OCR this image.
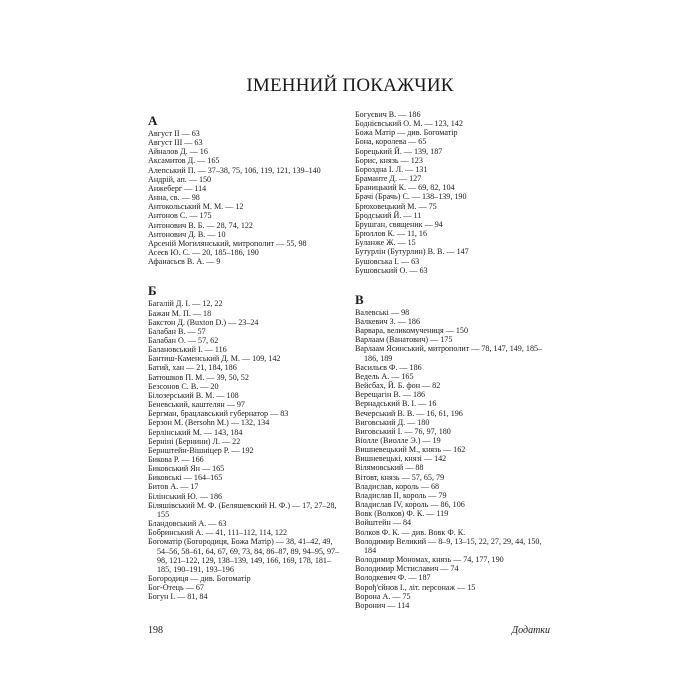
ІМЕННИЙ ПОКАЖЧИК
А
Август II — 63
Август III — 63
Айналов Д. — 16
Аксамитов Д. — 165
Алепський П. — 37–38, 75, 106, 119, 121, 139–140
Андрій, ап. — 150
Анжеберг — 114
Анна, св. — 98
Антокольський М. М. — 12
Антонов С. — 175
Антонович В. Б. — 28, 74, 122
Антонович Д. В. — 10
Арсеній Могилянський, митрополит — 55, 98
Асеєв Ю. С. — 20, 185–186, 190
Афанасьєв В. А. — 9
Б
Багалій Д. І. — 12, 22
Бажан М. П. — 18
Бакстон Д. (Buxton D.) — 23–24
Балабан В. — 57
Балабан О. — 57, 62
Балановський І. — 116
Бантиш-Каменський Д. М. — 109, 142
Батий, хан — 21, 184, 186
Батюшков П. М. — 39, 50, 52
Безсонов С. В. — 20
Білозерський В. М. — 108
Беневський, каштелян — 97
Бергман, брацлавський губернатор — 83
Берзон М. (Bersohn M.) — 132, 134
Берлінський М. — 143, 184
Берніні (Бернини) Л. — 22
Бернштейн-Вішніцер Р. — 192
Бикова Р. — 166
Биковський Ян — 165
Биковські — 164–165
Битов А. — 17
Білінський Ю. — 186
Біляшівський М. Ф. (Беляшевский Н. Ф.) — 17, 27–28, 155
Бландовський А. — 63
Бобринський А. — 41, 111–112, 114, 122
Богоматір (Богородиця, Божа Матір) — 38, 41–42, 49, 54–56, 58–61, 64, 67, 69, 73, 84, 86–87, 89, 94–95, 97–98, 121–122, 129, 138–139, 149, 166, 169, 178, 181–185, 190–191, 193–196
Богородиця — див. Богоматір
Бог-Отець — 67
Богун І. — 81, 84
Богуєвич В. — 186
Боднієвський О. М. — 123, 142
Божа Матір — див. Богоматір
Бона, королева — 65
Борецький Й. — 139, 187
Борис, князь — 123
Бороздна І. Л. — 131
Браманте Д. — 127
Браницький К. — 69, 82, 104
Брачі (Брачь) С. — 138–139, 190
Брюховецький М. — 75
Бродський Й. — 11
Брушган, священик — 94
Брюллов К. — 11, 16
Буланже Ж. — 15
Бутурлін (Бутурлин) В. В. — 147
Бушовська І. — 63
Бушовський О. — 63
В
Валевські — 98
Валкевич З. — 186
Варвара, великомучениця — 150
Варлаам (Ванатович) — 175
Варлаам Ясинський, митрополит — 78, 147, 149, 185–186, 189
Васильєв Ф. — 186
Ведель А. — 165
Вейсбах, Й. Б. фон — 82
Верещагін В. — 186
Вернадський В. І. — 16
Вечерський В. В. — 16, 61, 196
Виговський Д. — 180
Виговський І. — 76, 97, 180
Віолле (Виолле Э.) — 19
Вишневецький М., князь — 162
Вишневецькі, князі — 142
Вілямовський — 88
Вітовт, князь — 57, 65, 79
Владислав, король — 68
Владислав II, король — 79
Владислав IV, король — 86, 106
Вовк (Волков) Ф. К. — 119
Войштейн — 84
Волков Ф. К. — див. Вовк Ф. К.
Володимир Великий — 8–9, 13–15, 22, 27, 29, 44, 150, 184
Володимир Мономах, князь — 74, 177, 190
Володимир Мстиславич — 74
Володкевич Ф. — 187
Ворођ'єйнов І., літ. персонаж — 15
Ворона А. — 75
Воронич — 114
198	Додатки
